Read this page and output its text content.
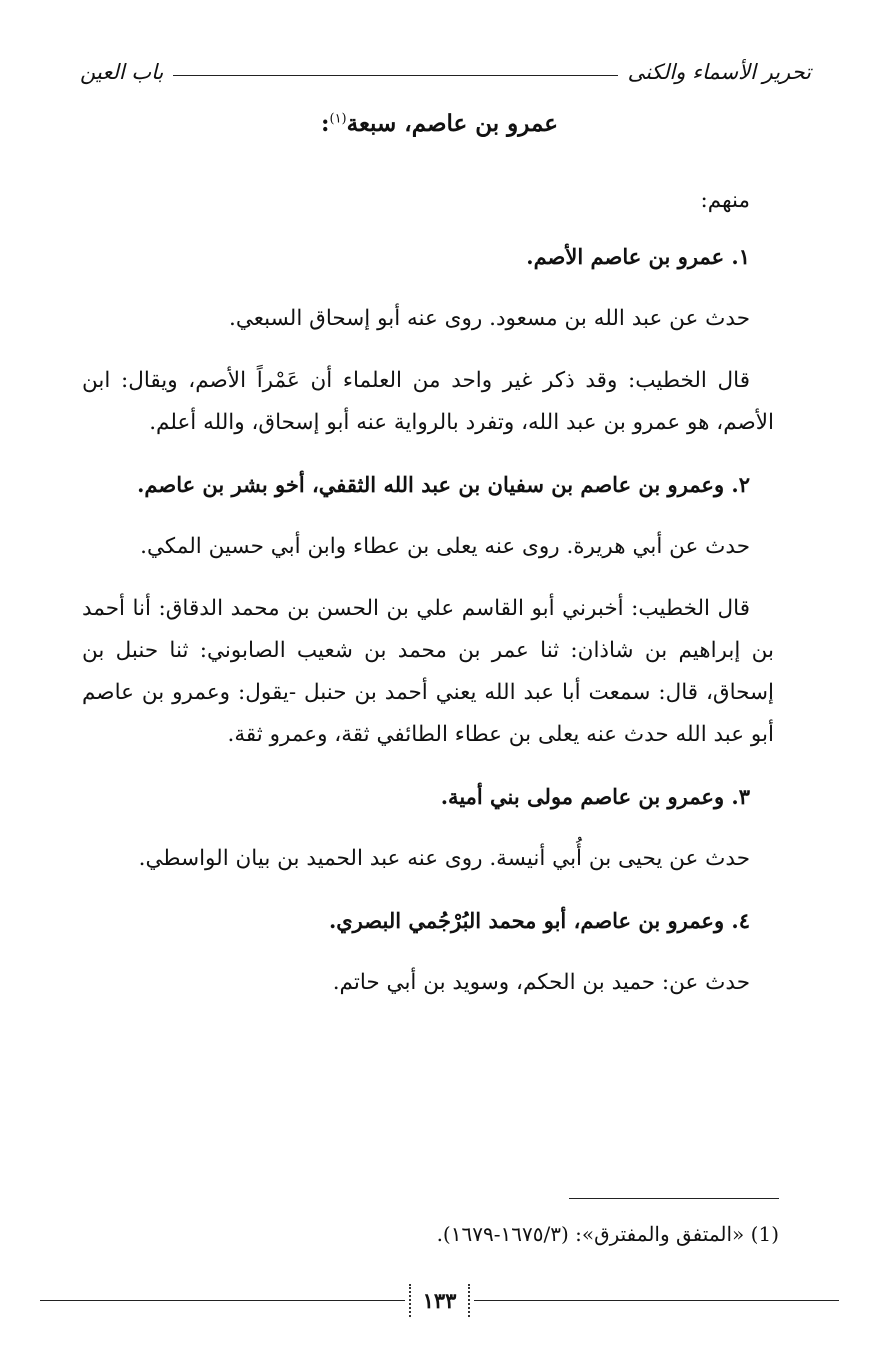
تحرير الأسماء والكنى
باب العين
عمرو بن عاصم، سبعة$^{(١)}$:

منهم:

١. عمرو بن عاصم الأصم.

حدث عن عبد الله بن مسعود. روى عنه أبو إسحاق السبعي.

قال الخطيب: وقد ذكر غير واحد من العلماء أن عَمْراً الأصم، ويقال: ابن الأصم، هو عمرو بن عبد الله، وتفرد بالرواية عنه أبو إسحاق، والله أعلم.

٢. وعمرو بن عاصم بن سفيان بن عبد الله الثقفي، أخو بشر بن عاصم.

حدث عن أبي هريرة. روى عنه يعلى بن عطاء وابن أبي حسين المكي.

قال الخطيب: أخبرني أبو القاسم علي بن الحسن بن محمد الدقاق: أنا أحمد بن إبراهيم بن شاذان: ثنا عمر بن محمد بن شعيب الصابوني: ثنا حنبل بن إسحاق، قال: سمعت أبا عبد الله يعني أحمد بن حنبل -يقول: وعمرو بن عاصم أبو عبد الله حدث عنه يعلى بن عطاء الطائفي ثقة، وعمرو ثقة.

٣. وعمرو بن عاصم مولى بني أمية.

حدث عن يحيى بن أُبي أنيسة. روى عنه عبد الحميد بن بيان الواسطي.

٤. وعمرو بن عاصم، أبو محمد البُرْجُمي البصري.

حدث عن: حميد بن الحكم، وسويد بن أبي حاتم.

(1) «المتفق والمفترق»: (١٦٧٥/٣-١٦٧٩).
١٣٣
